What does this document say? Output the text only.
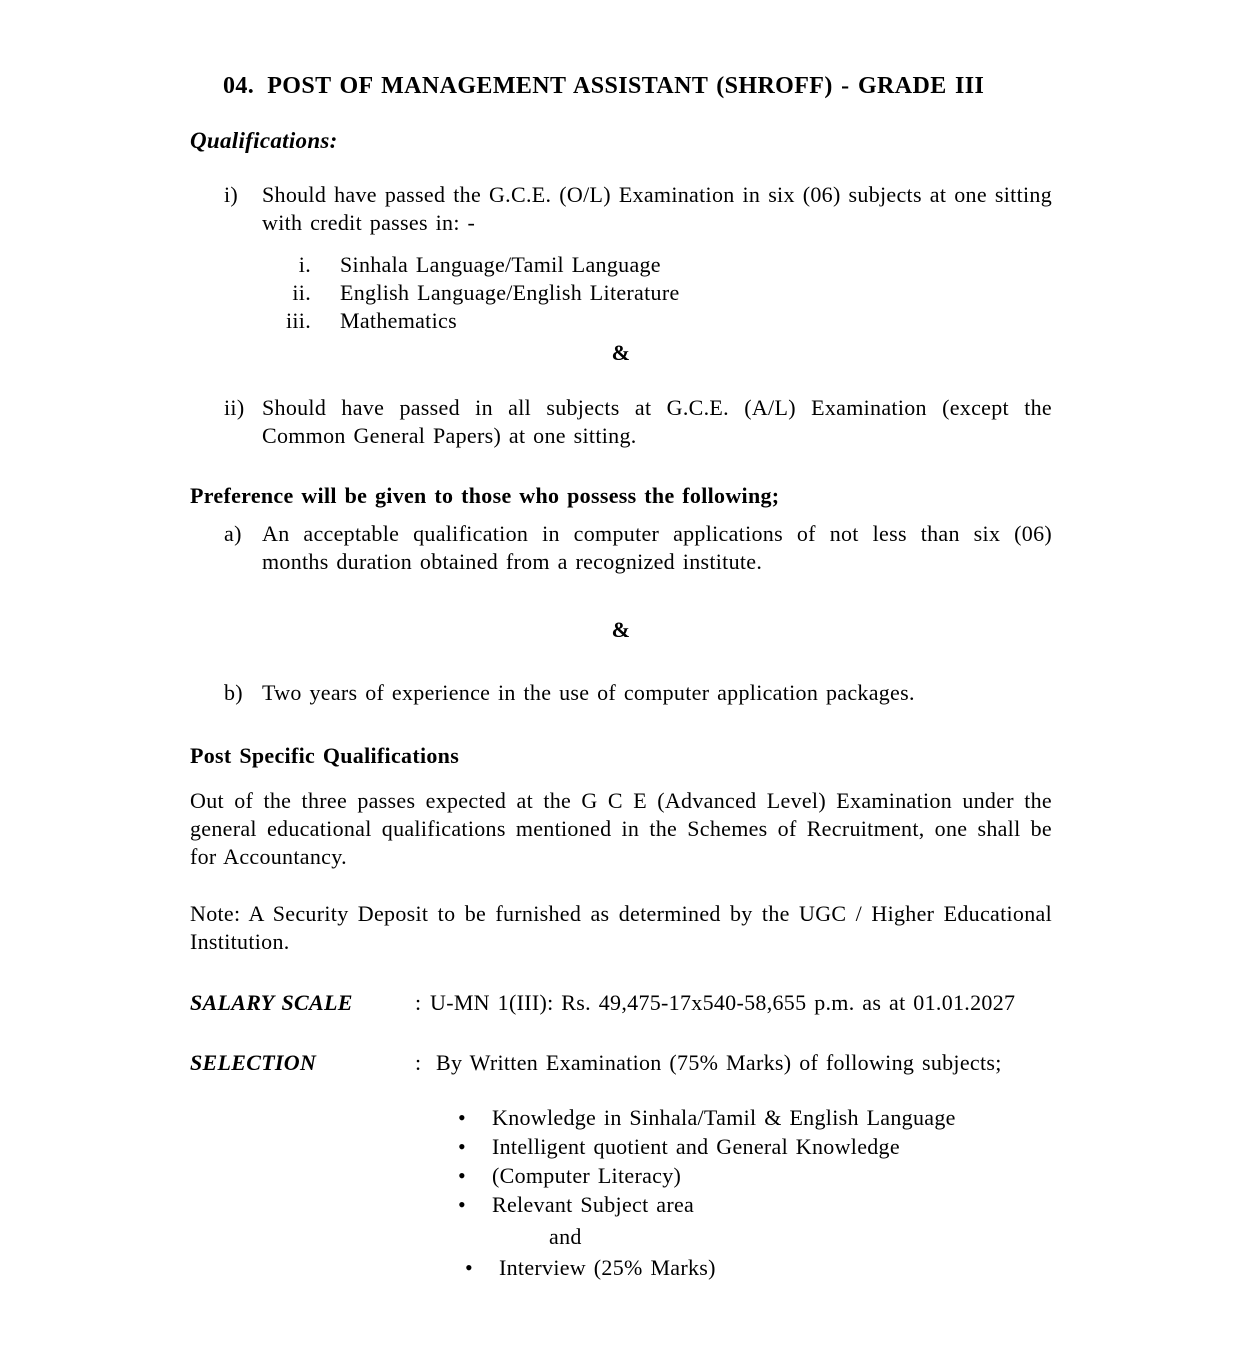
04. POST OF MANAGEMENT ASSISTANT (SHROFF) - GRADE III
Qualifications:
i)	Should have passed the G.C.E. (O/L) Examination in six (06) subjects at one sitting with credit passes in: -
i. Sinhala Language/Tamil Language
ii. English Language/English Literature
iii. Mathematics
&
ii) Should have passed in all subjects at G.C.E. (A/L) Examination (except the Common General Papers) at one sitting.
Preference will be given to those who possess the following;
a) An acceptable qualification in computer applications of not less than six (06) months duration obtained from a recognized institute.
&
b) Two years of experience in the use of computer application packages.
Post Specific Qualifications
Out of the three passes expected at the G C E (Advanced Level) Examination under the general educational qualifications mentioned in the Schemes of Recruitment, one shall be for Accountancy.
Note: A Security Deposit to be furnished as determined by the UGC / Higher Educational Institution.
SALARY SCALE	: U-MN 1(III): Rs. 49,475-17x540-58,655 p.m. as at 01.01.2027
SELECTION	: By Written Examination (75% Marks) of following subjects;
•	Knowledge in Sinhala/Tamil & English Language
•	Intelligent quotient and General Knowledge
•	(Computer Literacy)
•	Relevant Subject area
and
•	Interview (25% Marks)
